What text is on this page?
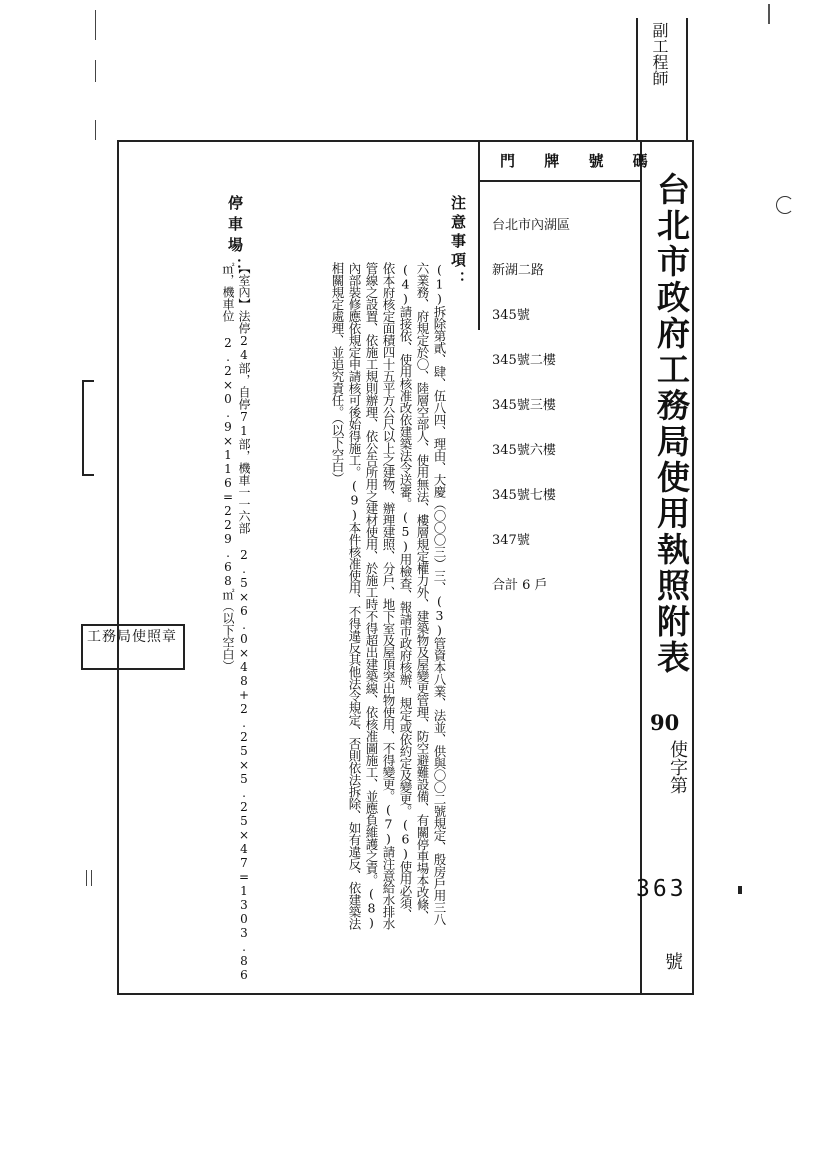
副工程師
台北市政府工務局使用執照附表
門 牌 號 碼

台北市內湖區

新湖二路

345號

345號二樓

345號三樓

345號六樓

345號七樓

347號

合計 6 戶

注意事項：
(1)拆除第貳、肆、伍八四、理由、大慶（〇〇〇三）三、(3)管資本八業、法並、供與〇〇二號規定、殷房戶用三八六業務、府規定於〇、陸層空部人、使用無法、樓層規定權力外、建築物及屋變更管理、防空避難設備、有關停車場本改條、(4)請接依、使用核准改依建築法令送審。(5)用檢查、報請市政府核辦、規定或依約定及變更。(6)使用必須、依本府核定面積四十五平方公尺以上之建物、辦理建照、分戶、地下室及屋頂突出物使用、不得變更。(7)請注意給水排水管線之設置、依施工規則辦理、依公告所用之建材使用、於施工時不得超出建築線、依核准圖施工、並應負維護之責。(8)內部裝修應依規定申請核可後始得施工。(9)本件核准使用、不得違反其他法令規定、否則依法拆除、如有違反、依建築法相關規定處理、並追究責任。（以下空白）
停車場：
【室內】法停24部，自停71部，機車一一六部 2.5×6.0×48+2.25×5.25×47=1303.86㎡，機車位 2.2×0.9×116=229.68㎡（以下空白）
90
使字第
363
號
工務局使照章
